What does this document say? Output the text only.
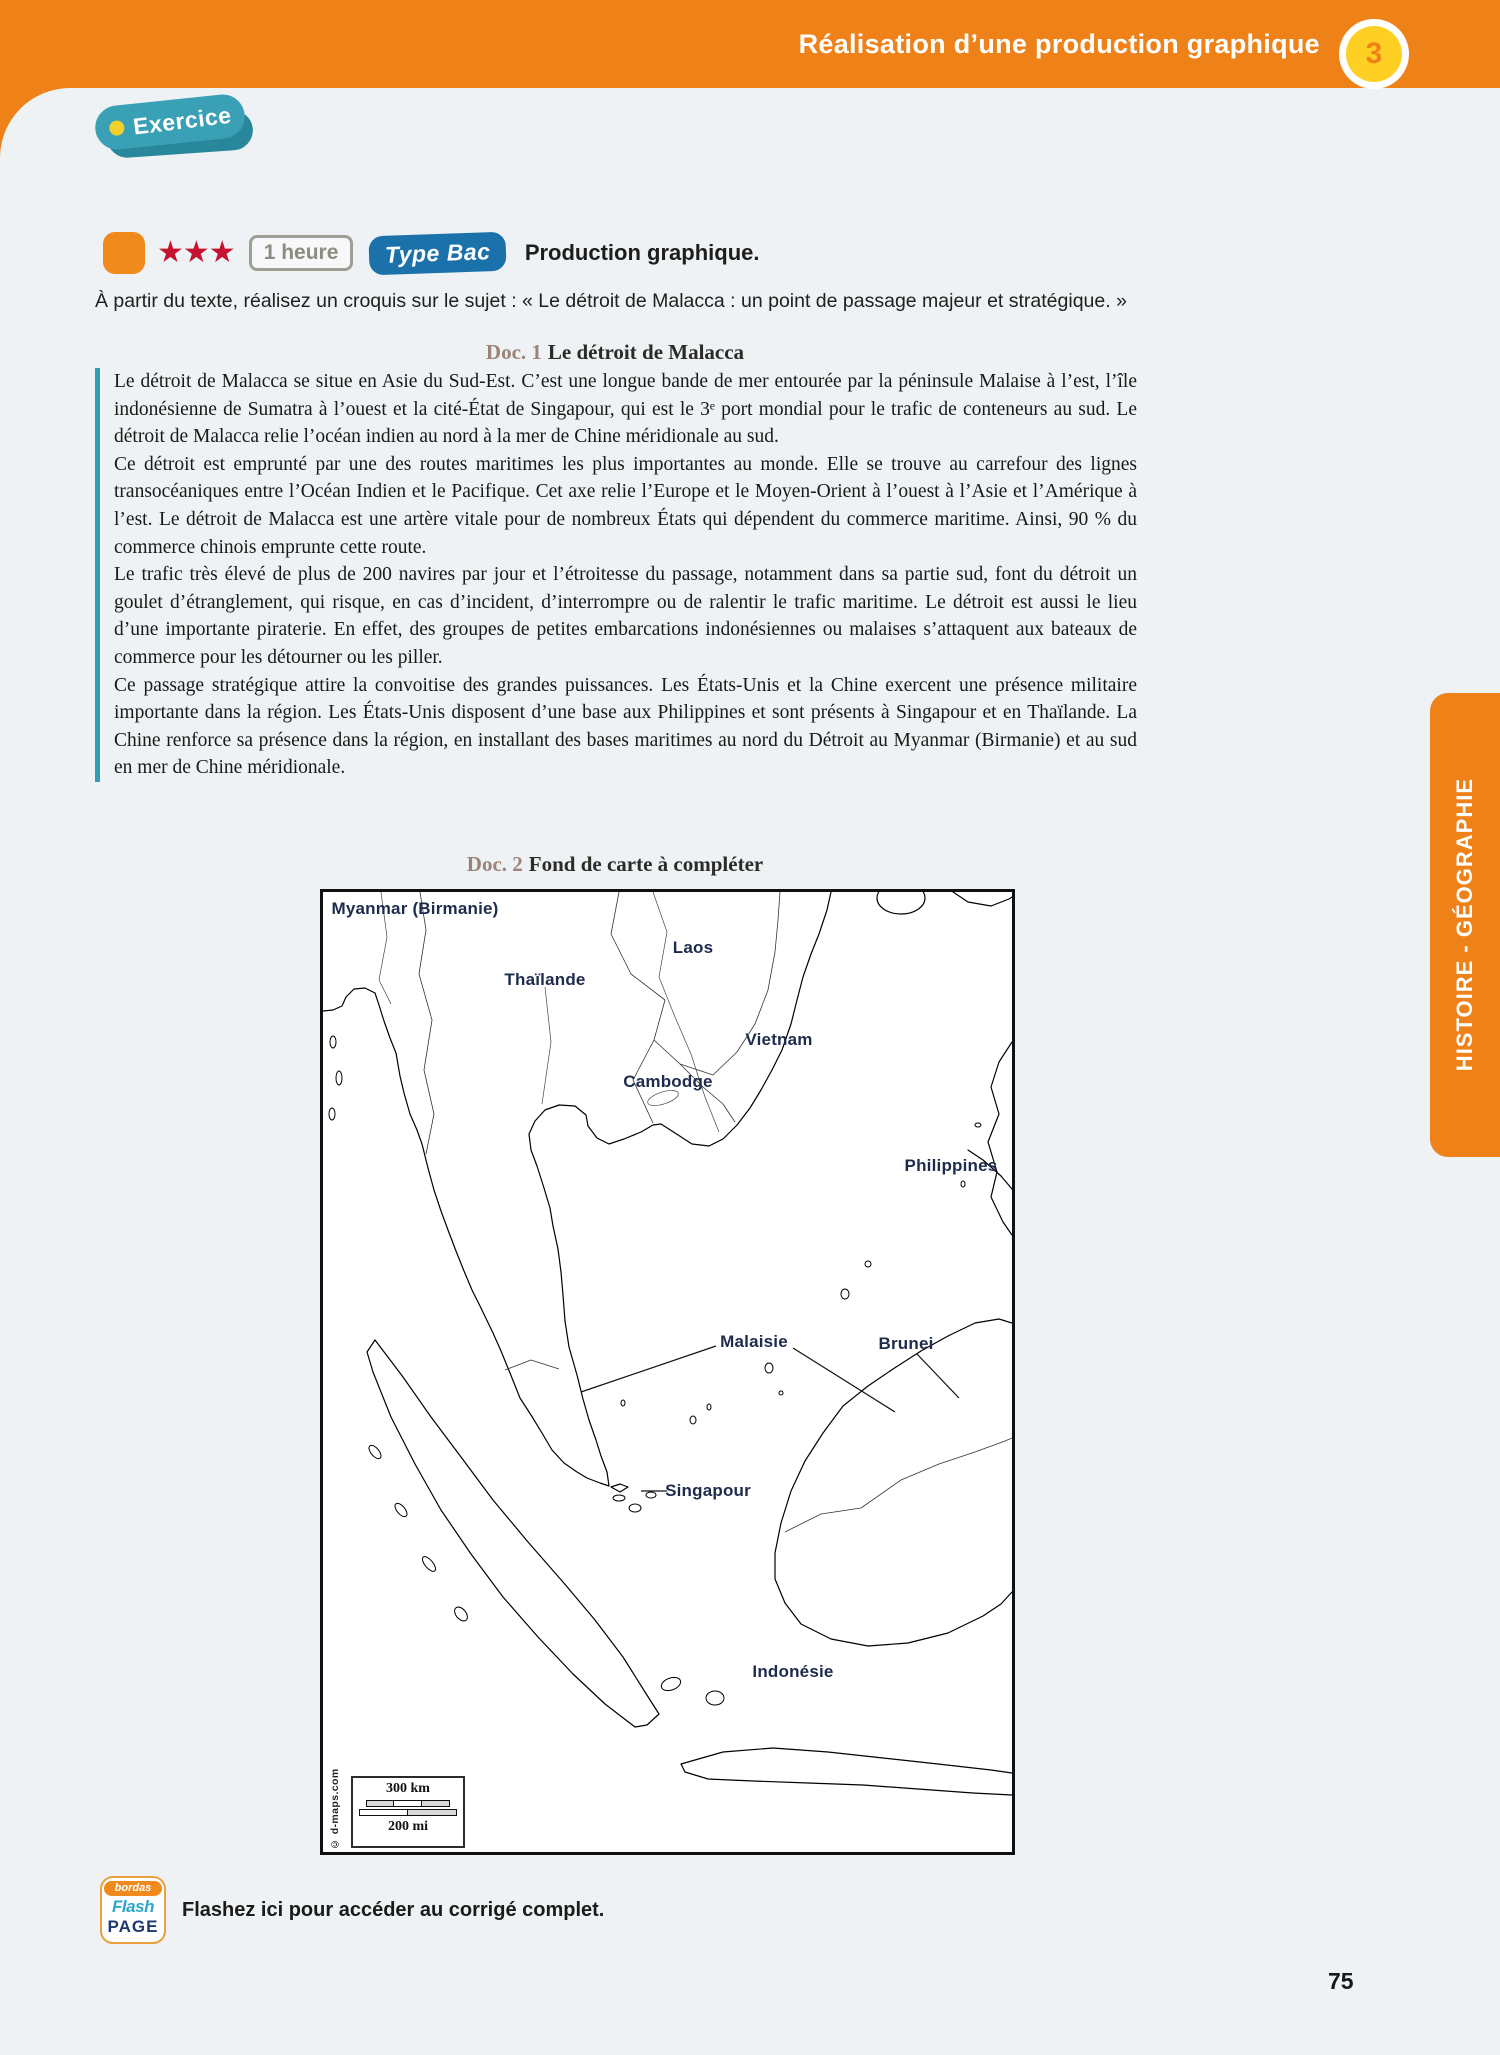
Réalisation d’une production graphique 3
Exercice
★★★	1 heure	Type Bac	Production graphique.
À partir du texte, réalisez un croquis sur le sujet : « Le détroit de Malacca : un point de passage majeur et stratégique. »
Doc. 1 Le détroit de Malacca

Le détroit de Malacca se situe en Asie du Sud-Est. C’est une longue bande de mer entourée par la péninsule Malaise à l’est, l’île indonésienne de Sumatra à l’ouest et la cité-État de Singapour, qui est le 3ᵉ port mondial pour le trafic de conteneurs au sud. Le détroit de Malacca relie l’océan indien au nord à la mer de Chine méridionale au sud.

Ce détroit est emprunté par une des routes maritimes les plus importantes au monde. Elle se trouve au carrefour des lignes transocéaniques entre l’Océan Indien et le Pacifique. Cet axe relie l’Europe et le Moyen-Orient à l’ouest à l’Asie et l’Amérique à l’est. Le détroit de Malacca est une artère vitale pour de nombreux États qui dépendent du commerce maritime. Ainsi, 90 % du commerce chinois emprunte cette route.

Le trafic très élevé de plus de 200 navires par jour et l’étroitesse du passage, notamment dans sa partie sud, font du détroit un goulet d’étranglement, qui risque, en cas d’incident, d’interrompre ou de ralentir le trafic maritime. Le détroit est aussi le lieu d’une importante piraterie. En effet, des groupes de petites embarcations indonésiennes ou malaises s’attaquent aux bateaux de commerce pour les détourner ou les piller.

Ce passage stratégique attire la convoitise des grandes puissances. Les États-Unis et la Chine exercent une présence militaire importante dans la région. Les États-Unis disposent d’une base aux Philippines et sont présents à Singapour et en Thaïlande. La Chine renforce sa présence dans la région, en installant des bases maritimes au nord du Détroit au Myanmar (Birmanie) et au sud en mer de Chine méridionale.

Doc. 2 Fond de carte à compléter
Myanmar (Birmanie)
Laos
Thaïlande
Vietnam
Cambodge
Philippines
Malaisie	Brunei
Singapour
Indonésie
300 km
200 mi
© d-maps.com
HISTOIRE - GÉOGRAPHIE
bordas
Flash
PAGE
Flashez ici pour accéder au corrigé complet.
75
